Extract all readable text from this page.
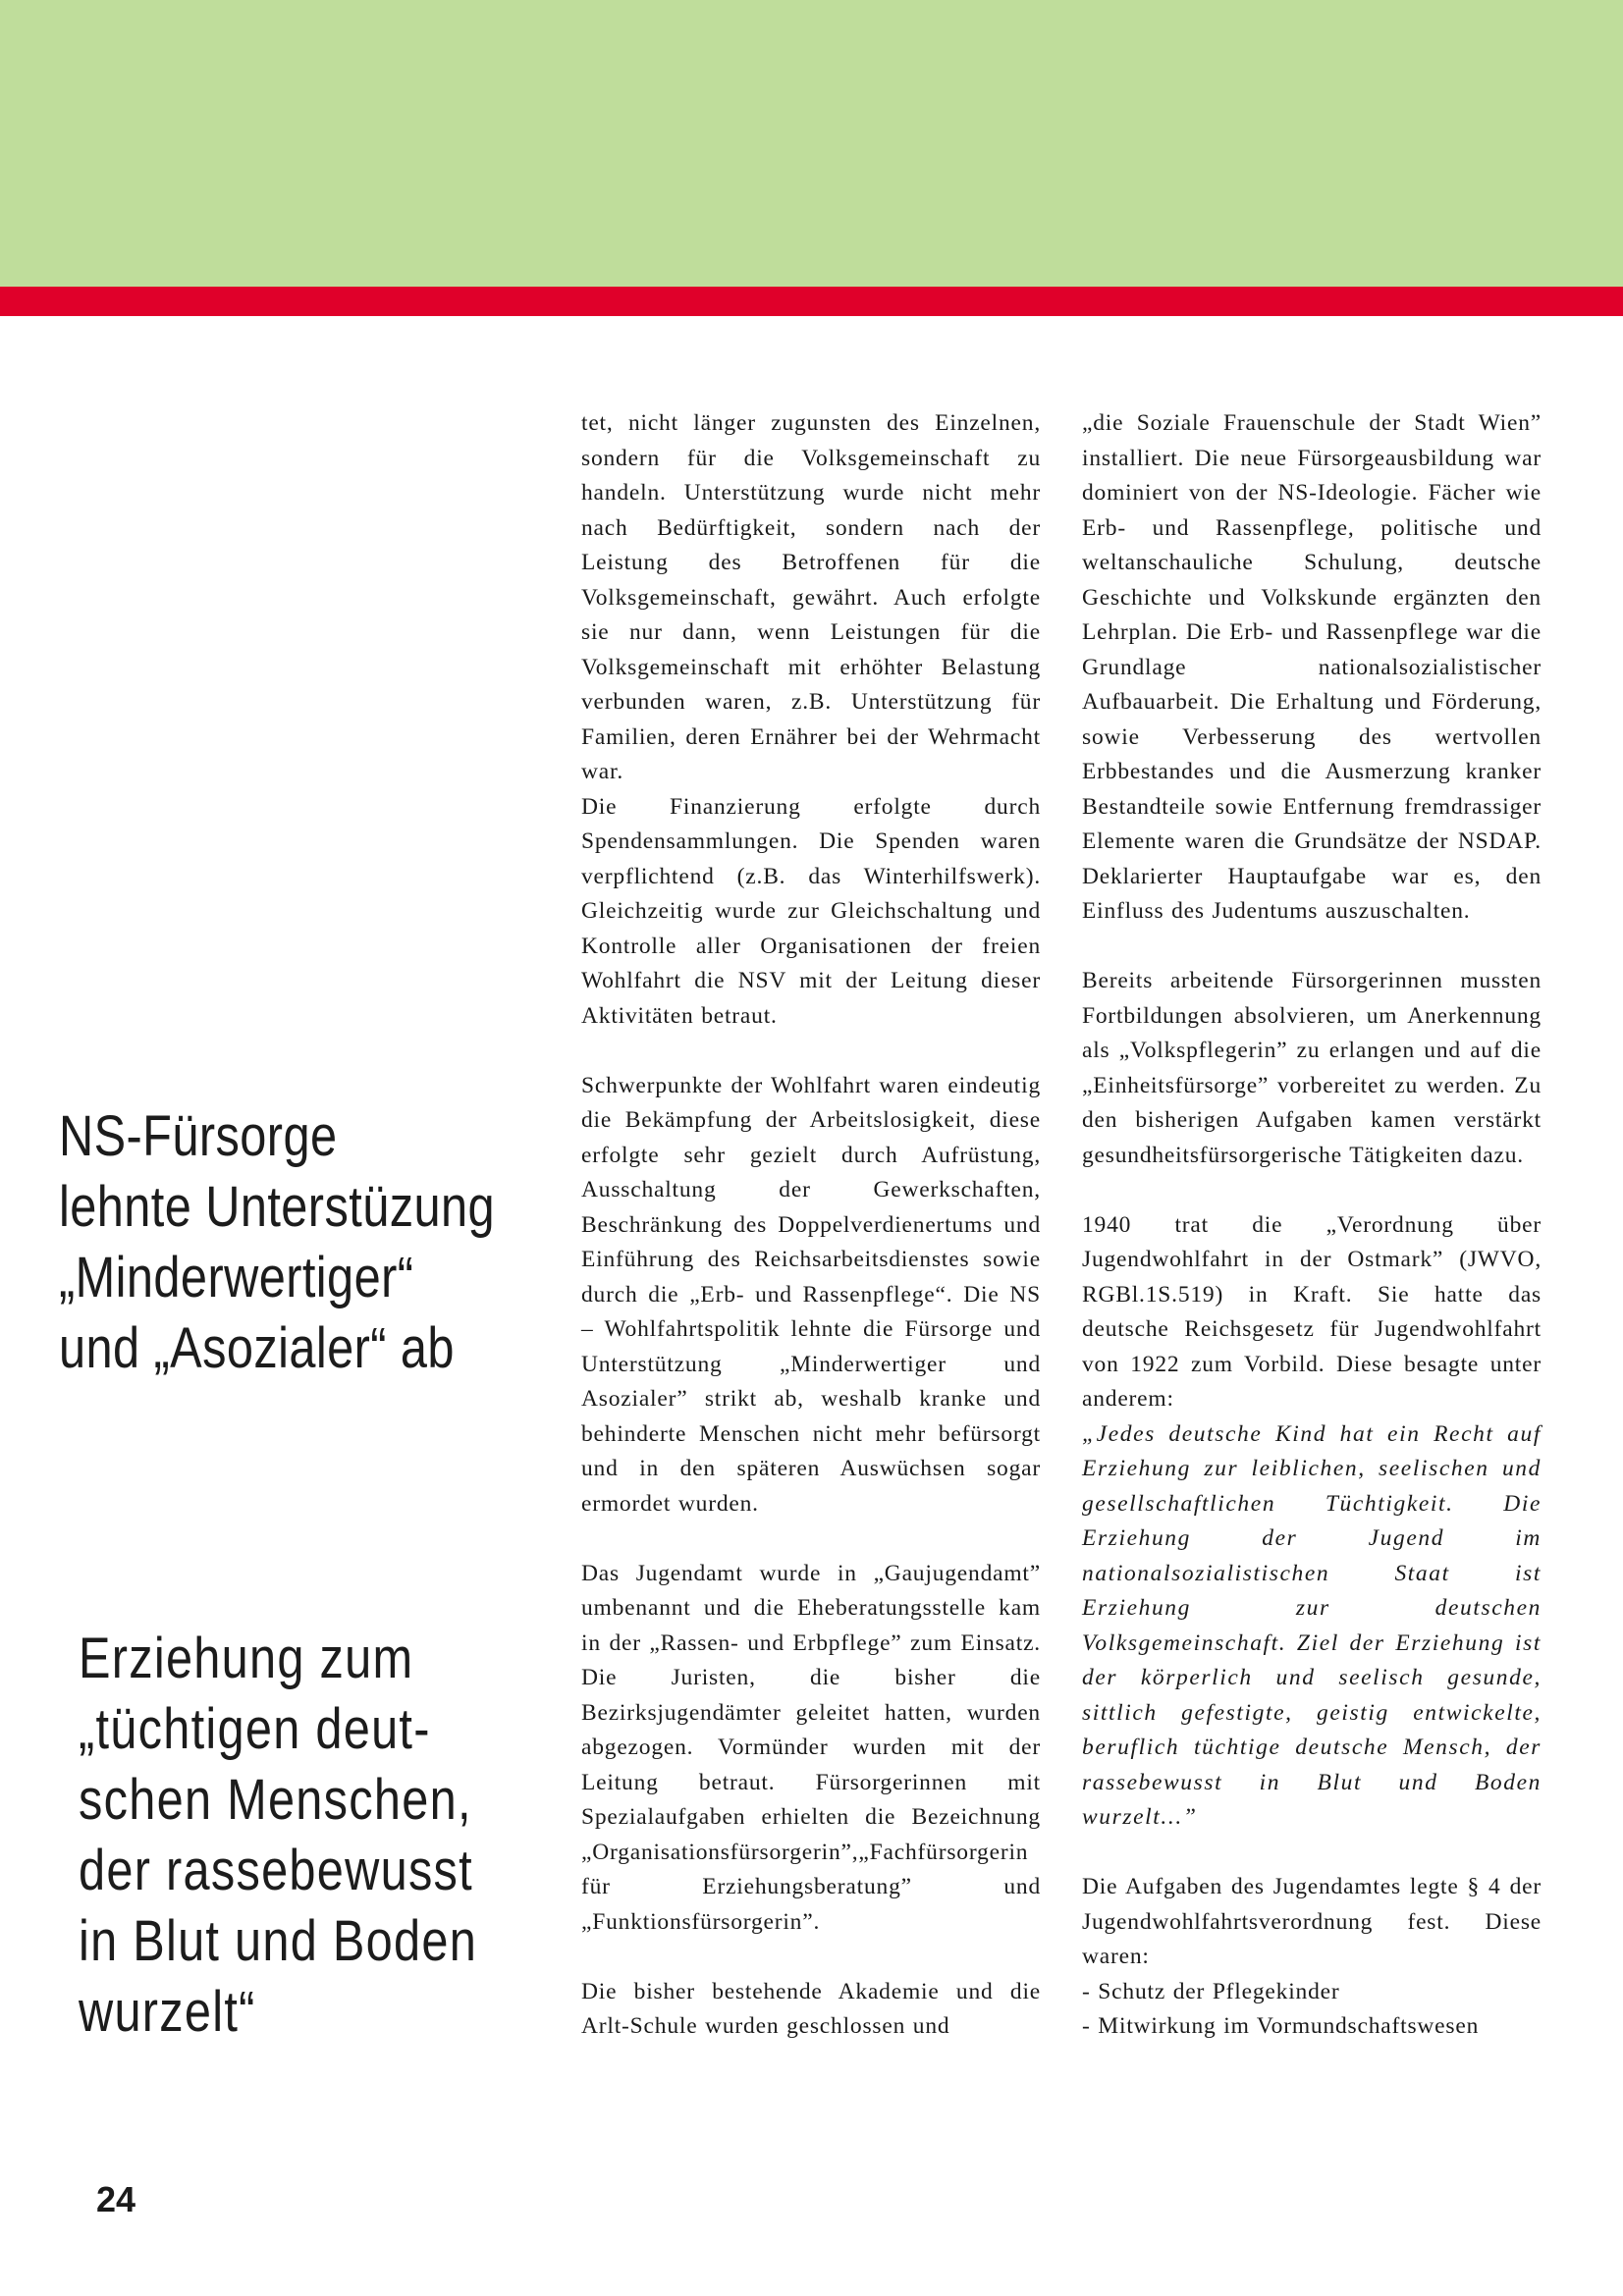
NS-Fürsorge
lehnte Unterstüzung
„Minderwertiger“
und „Asozialer“ ab
Erziehung zum
„tüchtigen deut-
schen Menschen,
der rassebewusst
in Blut und Boden
wurzelt“

tet, nicht länger zugunsten des Einzelnen, sondern für die Volksgemeinschaft zu handeln. Unterstützung wurde nicht mehr nach Bedürftigkeit, sondern nach der Leistung des Betroffenen für die Volksgemeinschaft, gewährt. Auch erfolgte sie nur dann, wenn Leistungen für die Volksgemeinschaft mit erhöhter Belastung verbunden waren, z.B. Unterstützung für Familien, deren Ernährer bei der Wehrmacht war.

Die Finanzierung erfolgte durch Spendensammlungen. Die Spenden waren verpflichtend (z.B. das Winterhilfswerk). Gleichzeitig wurde zur Gleichschaltung und Kontrolle aller Organisationen der freien Wohlfahrt die NSV mit der Leitung dieser Aktivitäten betraut.

Schwerpunkte der Wohlfahrt waren eindeutig die Bekämpfung der Arbeitslosigkeit, diese erfolgte sehr gezielt durch Aufrüstung, Ausschaltung der Gewerkschaften, Beschränkung des Doppelverdienertums und Einführung des Reichsarbeitsdienstes sowie durch die „Erb- und Rassenpflege“. Die NS – Wohlfahrtspolitik lehnte die Fürsorge und Unterstützung „Minderwertiger und Asozialer” strikt ab, weshalb kranke und behinderte Menschen nicht mehr befürsorgt und in den späteren Auswüchsen sogar ermordet wurden.

Das Jugendamt wurde in „Gaujugendamt” umbenannt und die Eheberatungsstelle kam in der „Rassen- und Erbpflege” zum Einsatz. Die Juristen, die bisher die Bezirksjugendämter geleitet hatten, wurden abgezogen. Vormünder wurden mit der Leitung betraut. Fürsorgerinnen mit Spezialaufgaben erhielten die Bezeichnung „Organisationsfürsorgerin”,„Fachfürsorgerin für Erziehungsberatung” und „Funktionsfürsorgerin”.

Die bisher bestehende Akademie und die Arlt-Schule wurden geschlossen und

„die Soziale Frauenschule der Stadt Wien” installiert. Die neue Fürsorgeausbildung war dominiert von der NS-Ideologie. Fächer wie Erb- und Rassenpflege, politische und weltanschauliche Schulung, deutsche Geschichte und Volkskunde ergänzten den Lehrplan. Die Erb- und Rassenpflege war die Grundlage nationalsozialistischer Aufbauarbeit. Die Erhaltung und Förderung, sowie Verbesserung des wertvollen Erbbestandes und die Ausmerzung kranker Bestandteile sowie Entfernung fremdrassiger Elemente waren die Grundsätze der NSDAP. Deklarierter Hauptaufgabe war es, den Einfluss des Judentums auszuschalten.

Bereits arbeitende Fürsorgerinnen mussten Fortbildungen absolvieren, um Anerkennung als „Volkspflegerin” zu erlangen und auf die „Einheitsfürsorge” vorbereitet zu werden. Zu den bisherigen Aufgaben kamen verstärkt gesundheitsfürsorgerische Tätigkeiten dazu.

1940 trat die „Verordnung über Jugendwohlfahrt in der Ostmark” (JWVO, RGBl.1S.519) in Kraft. Sie hatte das deutsche Reichsgesetz für Jugendwohlfahrt von 1922 zum Vorbild. Diese besagte unter anderem:

„Jedes deutsche Kind hat ein Recht auf Erziehung zur leiblichen, seelischen und gesellschaftlichen Tüchtigkeit. Die Erziehung der Jugend im nationalsozialistischen Staat ist Erziehung zur deutschen Volksgemeinschaft. Ziel der Erziehung ist der körperlich und seelisch gesunde, sittlich gefestigte, geistig entwickelte, beruflich tüchtige deutsche Mensch, der rassebewusst in Blut und Boden wurzelt...”

Die Aufgaben des Jugendamtes legte § 4 der Jugendwohlfahrtsverordnung fest. Diese waren:

- Schutz der Pflegekinder
- Mitwirkung im Vormundschaftswesen

24
